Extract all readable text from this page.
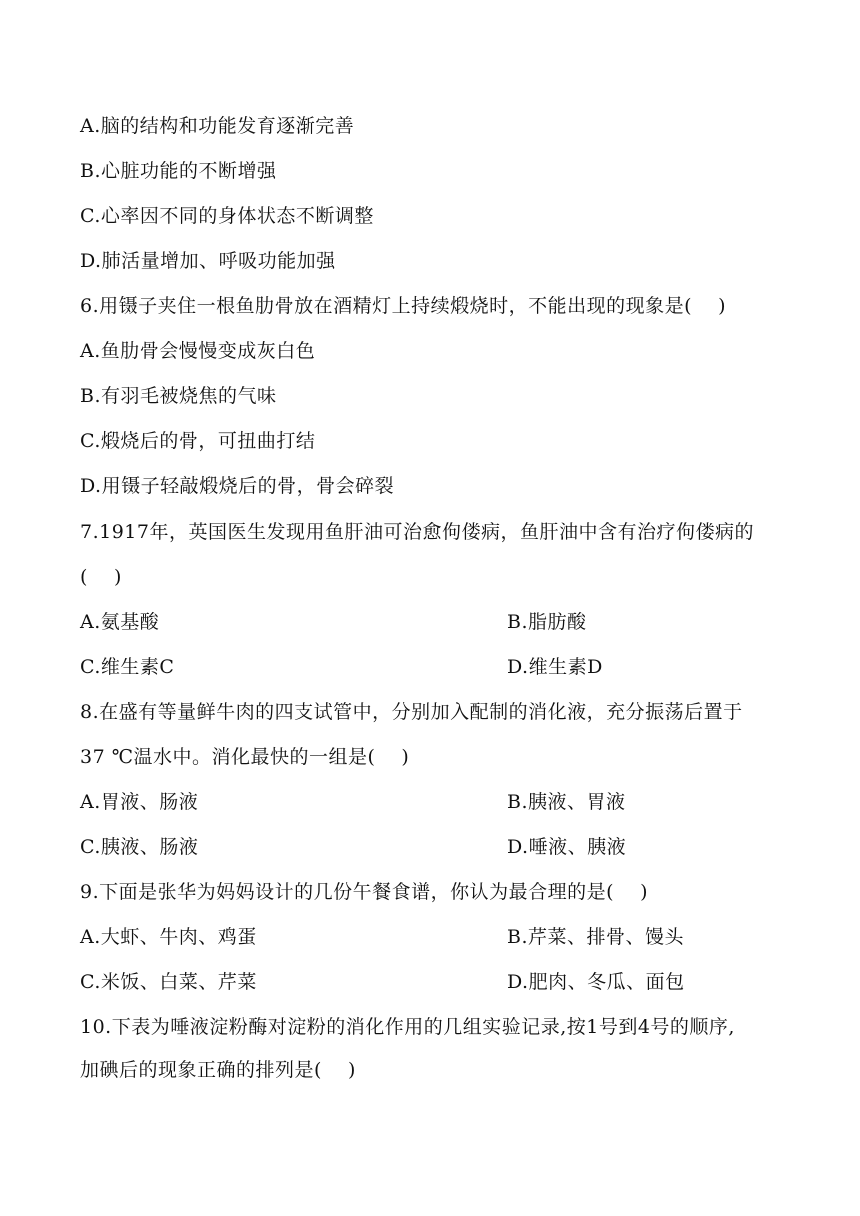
A.脑的结构和功能发育逐渐完善
B.心脏功能的不断增强
C.心率因不同的身体状态不断调整
D.肺活量增加、呼吸功能加强
6.用镊子夹住一根鱼肋骨放在酒精灯上持续煅烧时，不能出现的现象是(　 )
A.鱼肋骨会慢慢变成灰白色
B.有羽毛被烧焦的气味
C.煅烧后的骨，可扭曲打结
D.用镊子轻敲煅烧后的骨，骨会碎裂
7.1917年，英国医生发现用鱼肝油可治愈佝偻病，鱼肝油中含有治疗佝偻病的
(　 )
A.氨基酸	B.脂肪酸
C.维生素C	D.维生素D
8.在盛有等量鲜牛肉的四支试管中，分别加入配制的消化液，充分振荡后置于
37 ℃温水中。消化最快的一组是(　 )
A.胃液、肠液	B.胰液、胃液
C.胰液、肠液	D.唾液、胰液
9.下面是张华为妈妈设计的几份午餐食谱，你认为最合理的是(　 )
A.大虾、牛肉、鸡蛋	B.芹菜、排骨、馒头
C.米饭、白菜、芹菜	D.肥肉、冬瓜、面包
10.下表为唾液淀粉酶对淀粉的消化作用的几组实验记录,按1号到4号的顺序,
加碘后的现象正确的排列是(　 )
